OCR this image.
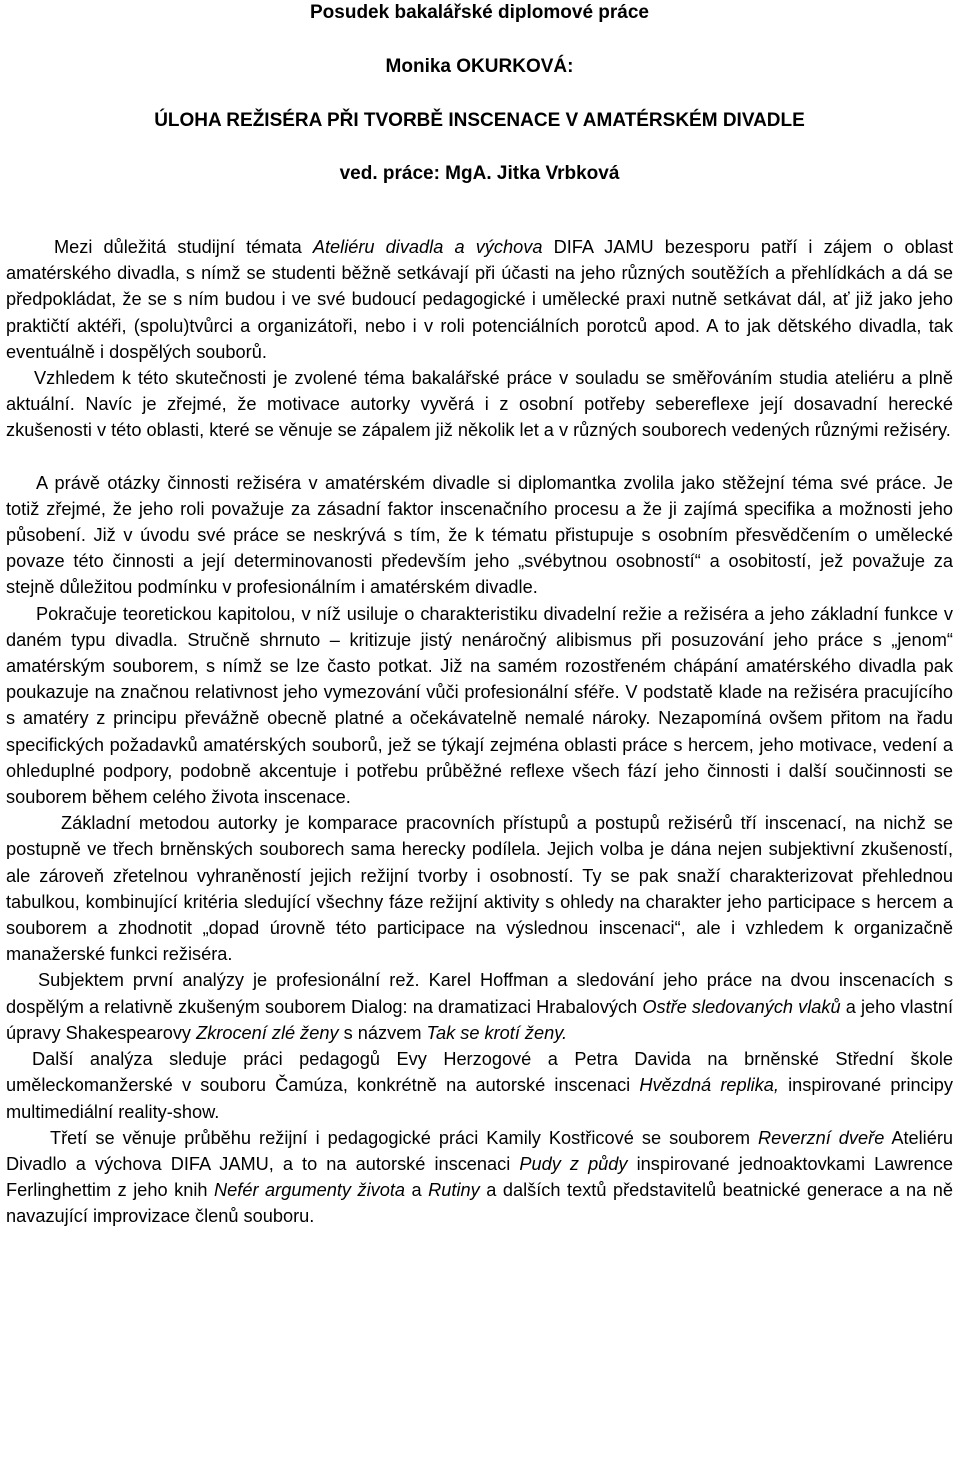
Posudek bakalářské diplomové práce

Monika OKURKOVÁ:

ÚLOHA REŽISÉRA PŘI TVORBĚ INSCENACE V AMATÉRSKÉM DIVADLE

ved. práce: MgA. Jitka Vrbková

Mezi důležitá studijní témata Ateliéru divadla a výchova DIFA JAMU bezesporu patří i zájem o oblast amatérského divadla, s nímž se studenti běžně setkávají při účasti na jeho různých soutěžích a přehlídkách a dá se předpokládat, že se s ním budou i ve své budoucí pedagogické i umělecké praxi nutně setkávat dál, ať již jako jeho praktičtí aktéři, (spolu)tvůrci a organizátoři, nebo i v roli potenciálních porotců apod. A to jak dětského divadla, tak eventuálně i dospělých souborů.

Vzhledem k této skutečnosti je zvolené téma bakalářské práce v souladu se směřováním studia ateliéru a plně aktuální. Navíc je zřejmé, že motivace autorky vyvěrá i z osobní potřeby sebereflexe její dosavadní herecké zkušenosti v této oblasti, které se věnuje se zápalem již několik let a v různých souborech vedených různými režiséry.

A právě otázky činnosti režiséra v amatérském divadle si diplomantka zvolila jako stěžejní téma své práce. Je totiž zřejmé, že jeho roli považuje za zásadní faktor inscenačního procesu a že ji zajímá specifika a možnosti jeho působení. Již v úvodu své práce se neskrývá s tím, že k tématu přistupuje s osobním přesvědčením o umělecké povaze této činnosti a její determinovanosti především jeho „svébytnou osobností“ a osobitostí, jež považuje za stejně důležitou podmínku v profesionálním i amatérském divadle.

Pokračuje teoretickou kapitolou, v níž usiluje o charakteristiku divadelní režie a režiséra a jeho základní funkce v daném typu divadla. Stručně shrnuto – kritizuje jistý nenáročný alibismus při posuzování jeho práce s „jenom“ amatérským souborem, s nímž se lze často potkat. Již na samém rozostřeném chápání amatérského divadla pak poukazuje na značnou relativnost jeho vymezování vůči profesionální sféře. V podstatě klade na režiséra pracujícího s amatéry z principu převážně obecně platné a očekávatelně nemalé nároky. Nezapomíná ovšem přitom na řadu specifických požadavků amatérských souborů, jež se týkají zejména oblasti práce s hercem, jeho motivace, vedení a ohleduplné podpory, podobně akcentuje i potřebu průběžné reflexe všech fází jeho činnosti i další součinnosti se souborem během celého života inscenace.

Základní metodou autorky je komparace pracovních přístupů a postupů režisérů tří inscenací, na nichž se postupně ve třech brněnských souborech sama herecky podílela. Jejich volba je dána nejen subjektivní zkušeností, ale zároveň zřetelnou vyhraněností jejich režijní tvorby i osobností. Ty se pak snaží charakterizovat přehlednou tabulkou, kombinující kritéria sledující všechny fáze režijní aktivity s ohledy na charakter jeho participace s hercem a souborem a zhodnotit „dopad úrovně této participace na výslednou inscenaci“, ale i vzhledem k organizačně manažerské funkci režiséra.

Subjektem první analýzy je profesionální rež. Karel Hoffman a sledování jeho práce na dvou inscenacích s dospělým a relativně zkušeným souborem Dialog: na dramatizaci Hrabalových Ostře sledovaných vlaků a jeho vlastní úpravy Shakespearovy Zkrocení zlé ženy s názvem Tak se krotí ženy.

Další analýza sleduje práci pedagogů Evy Herzogové a Petra Davida na brněnské Střední škole uměleckomanžerské v souboru Čamúza, konkrétně na autorské inscenaci Hvězdná replika, inspirované principy multimediální reality-show.

Třetí se věnuje průběhu režijní i pedagogické práci Kamily Kostřicové se souborem Reverzní dveře Ateliéru Divadlo a výchova DIFA JAMU, a to na autorské inscenaci Pudy z půdy inspirované jednoaktovkami Lawrence Ferlinghettim z jeho knih Nefér argumenty života a Rutiny a dalších textů představitelů beatnické generace a na ně navazující improvizace členů souboru.
